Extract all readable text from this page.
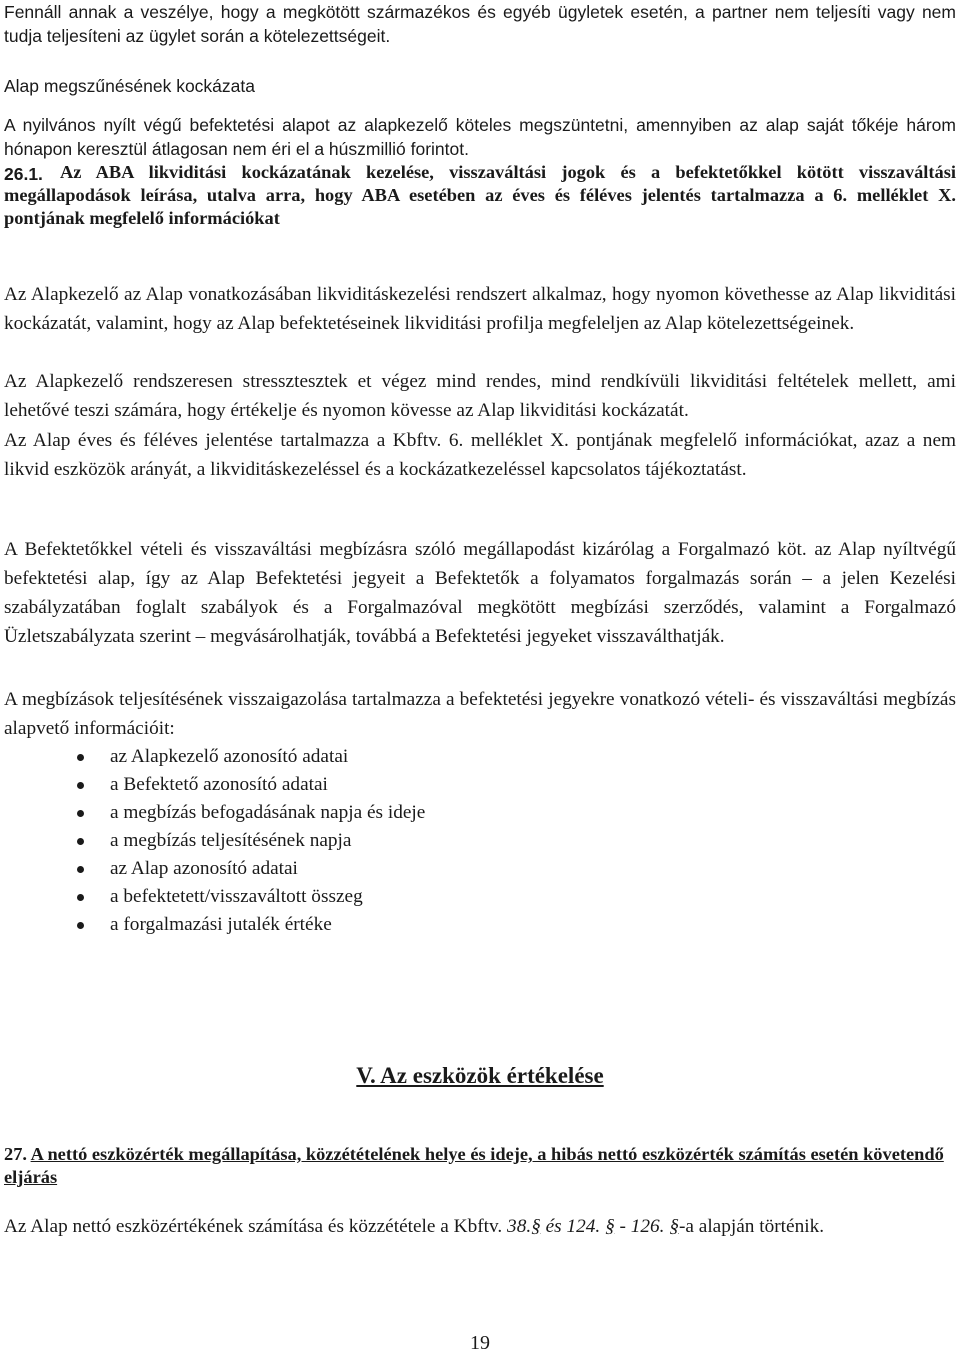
Fennáll annak a veszélye, hogy a megkötött származékos és egyéb ügyletek esetén, a partner nem teljesíti vagy nem tudja teljesíteni az ügylet során a kötelezettségeit.

Alap megszűnésének kockázata

A nyilvános nyílt végű befektetési alapot az alapkezelő köteles megszüntetni, amennyiben az alap saját tőkéje három hónapon keresztül átlagosan nem éri el a húszmillió forintot.

26.1. Az ABA likviditási kockázatának kezelése, visszaváltási jogok és a befektetőkkel kötött visszaváltási megállapodások leírása, utalva arra, hogy ABA esetében az éves és féléves jelentés tartalmazza a 6. melléklet X. pontjának megfelelő információkat

Az Alapkezelő az Alap vonatkozásában likviditáskezelési rendszert alkalmaz, hogy nyomon követhesse az Alap likviditási kockázatát, valamint, hogy az Alap befektetéseinek likviditási profilja megfeleljen az Alap kötelezettségeinek.

Az Alapkezelő rendszeresen stressztesztek et végez mind rendes, mind rendkívüli likviditási feltételek mellett, ami lehetővé teszi számára, hogy értékelje és nyomon kövesse az Alap likviditási kockázatát.

Az Alap éves és féléves jelentése tartalmazza a Kbftv. 6. melléklet X. pontjának megfelelő információkat, azaz a nem likvid eszközök arányát, a likviditáskezeléssel és a kockázatkezeléssel kapcsolatos tájékoztatást.

A Befektetőkkel vételi és visszaváltási megbízásra szóló megállapodást kizárólag a Forgalmazó köt. az Alap nyíltvégű befektetési alap, így az Alap Befektetési jegyeit a Befektetők a folyamatos forgalmazás során – a jelen Kezelési szabályzatában foglalt szabályok és a Forgalmazóval megkötött megbízási szerződés, valamint a Forgalmazó Üzletszabályzata szerint – megvásárolhatják, továbbá a Befektetési jegyeket visszaválthatják.

A megbízások teljesítésének visszaigazolása tartalmazza a befektetési jegyekre vonatkozó vételi- és visszaváltási megbízás alapvető információit:

az Alapkezelő azonosító adatai
a Befektető azonosító adatai
a megbízás befogadásának napja és ideje
a megbízás teljesítésének napja
az Alap azonosító adatai
a befektetett/visszaváltott összeg
a forgalmazási jutalék értéke
V. Az eszközök értékelése
27. A nettó eszközérték megállapítása, közzétételének helye és ideje, a hibás nettó eszközérték számítás esetén követendő eljárás

Az Alap nettó eszközértékének számítása és közzététele a Kbftv. 38.§ és 124. § - 126. §-a alapján történik.

19
